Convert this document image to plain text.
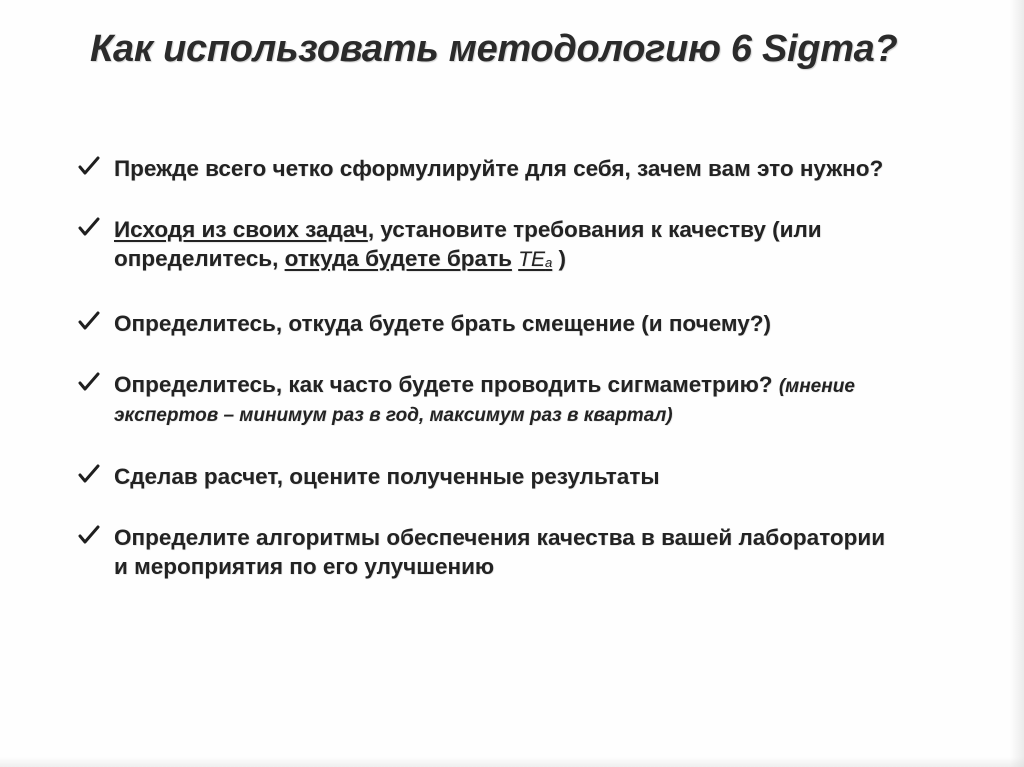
Как использовать методологию 6 Sigma?
Прежде всего четко сформулируйте для себя, зачем вам это нужно?
Исходя из своих задач, установите требования к качеству (или
определитесь, откуда будете брать $TE_a$ )
Определитесь, откуда будете брать смещение (и почему?)
Определитесь, как часто будете проводить сигмаметрию? (мнение
экспертов – минимум раз в год, максимум раз в квартал)
Сделав расчет, оцените полученные результаты
Определите алгоритмы обеспечения качества в вашей лаборатории
и мероприятия по его улучшению
